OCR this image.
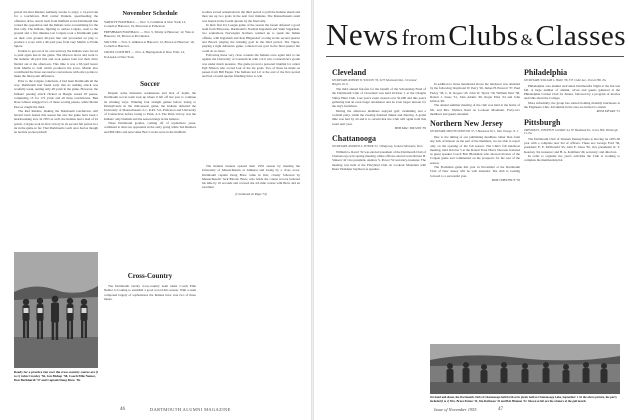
period the Red Raiders suddenly awoke to enjoy a 14-yard run for a touchdown. Ball carrier Daniels, spearheading the offensive drive, struck back from midfield as the Dartmouth line rocked the opposition and the Indians were economizing for the first tally. The Indians, figuring to outlast Colgate, went to the ground and a five minutes lost Colgate took a Dartmouth punt on their own ground 40-yard line and proceeded on play to produce a score with a 40-yard pass from Guy Martin to Frank Spiers.

Unable to get out of its own territory the Indians were forced to punt again late in the game. The Maroon drove and went to the Indians' 40-yard line and took passes later but their drive fizzled out at the afternoon. This time it was a 63-yard heave from Martin to Gall which produced the score. Martin also contributed the three successive conversions with extra points to make the final point difference.

Prior to the Colgate comeback, it had been Dartmouth all the way. Dartmouth had found early that its rushing attack was woefully weak, netting only 48 yards in the game. However, the Indians' passing attack clicked as Beagle tossed 18 passes, completing 15 for 172 yards and all three touchdowns. Bud Rose Gibson snagged two of these scoring passes, while Monte Pascoe caught the third.

The Red Raiders, making the Dartmouth touchdown, still haven't been beaten this season but saw the game have been a heartbreaking loss. In 1955 as well, the Indians had a lead of 22 points. Colgate took its first victory in its second fall period in a tie in the game so far. That Dartmouth coach once had as though he had his pocket picked!

November Schedule

VARSITY FOOTBALL — Nov. 5, Columbia at New York; 12, Cornell at Hanover; 19, Princeton at Princeton.

FRESHMAN FOOTBALL — Nov. 5, Trinity at Hanover; 12, Yale at Hanover; 19, Brown at Providence.

SOCCER — Nov. 5, Amherst at Hanover; 12, Brown at Hanover; 19, Cornell at Hanover.

CROSS COUNTRY — Nov. 4, Heptagonals at New York; 14, ICAAAA at New York.

Soccer

Despite some defensive weaknesses and lack of depth, the Dartmouth soccer team took up where it left off last year to continue its winning ways. Winning four straight games before losing to Pennsylvania in the mid-season game, the Indians defeated the University of Massachusetts 2-1, R.P.I. 3-0, Princeton and University of Connecticut before losing to Penn, 4-3. The Penn victory was the Indians' only blemish and the season hangs in the balance.

Three Dartmouth goalies, coming off of sophomore years, combined to shut out opponents in the early going while Ted Riemers and Bill Ohio and newcomer Bob Cowles were in the midfield.

Goalies scored sensational in the third period to pull the Indians ahead and then ran up two goals in the next four minutes. The Massachusetts team was beaten in the fourth quarter by the final tally.

In their first Ivy League game of the season the Green defeated a good team from Princeton. Dartmouth's Norman Ingraham and Stunt Sugarman, two sophomore Norwegian brothers, teamed up to spark the Indian offense, with Ingraham and Pete Hilgendorf scoring in the second quarter and Brown playing the winning goal in the third period. The Tigers, playing a tight defensive game, collected one goal in the final quarter but could do no more.

Following these very close contests the Indians once again laid to run against the University of Connecticut with a 6-0 win. Connecticut's goalie was under much pressure. The game proved a personal triumph for center Egil Nilsson who scored four of the six goals. Two of those he made on passes from Bill Eagan. The Indians led 1-0 at the end of the first period and had a fourth quarter finishing drive to win.

Cross-Country

The Dartmouth varsity cross-country team under Coach Ellie Nemec is looking to establish a good record this season. With a team composed largely of sophomores the Indians have won two of three meets.

The Indians runners opened their 1955 season by meeting the University of Massachusetts at Amherst and losing by a close score. Dartmouth captain Doug Brew came in first, closely followed by Massachusetts' Jack Bloom. Brew, who holds the course record, bettered his time by 10 seconds and covered the 4.6 mile course with Brew and an excellent

(Continued on Page 74)

Ready for a practice run over the cross-country course are (l to r) John Crowley '56, Jon Bishop '58, Coach Ellie Nemec, Don Burkhardt '57 and Captain Doug Brew '56.
46	DARTMOUTH ALUMNI MAGAZINE
News fromClubs &Classes
Cleveland
SECRETARY, ROBERT W. WILSON '39, 3273 Monmouth Rd., Cleveland Heights 18, O.

The third annual fun-fest for the benefit of the Scholarship Fund of the Dartmouth Club of Cleveland was held October 1 at the Chagrin Valley Hunt Club. Last year's event cleared over $1,000 and this year's gathering had an even larger attendance and an even larger turnout for the day's festivities.

During the afternoon members enjoyed golf, swimming and a cocktail party, while the evening featured dinner and dancing. A grand time was had by all and it is certain that the Club will again hold this event next year.

BOB MAC WILSON '39

Chattanooga
SECRETARY, ANDREW S. POWER '52, 3 Ridgeway, Lookout Mountain, Tenn.

William G. Ravel '32 was elected president of the Dartmouth Club of Chattanooga at its spring meeting. Other officers elected were Robert B. Stinson '42 vice president, Andrew S. Power '52 secretary-treasurer. The meeting was held at the Fairyland Club on Lookout Mountain with Dean Thaddeus Seymour as speaker.

In addition to those mentioned above the luncheon was attended by the following: Raymond W. Perry '26, James H. Prescott '37, Paul Farley '36, C. R. Rogers '43, John W. Taylor '29, William Warr '38, Robert J. Jones '31, John Adams '46, Roger Eliot '24 and John Gibson '49.

The annual summer meeting of the club was held at the home of Mr. and Mrs. Wallace Reid on Lookout Mountain. Forty-two members and guests attended.

Northern New Jersey
SECRETARY, MELVIN SPENCER '37, 5 Beaumont Terr., West Orange, N. J.

Due to the timing of our publishing deadlines rather than from any lack of interest on the part of the members, we are able to report only on the opening of the fall season. The Club's fall luncheon meeting, held October 5 at the Robert Treat Hotel, Newark, featured as guest speaker Coach Bob Blackman who showed movies of the Colgate game and commented on the prospects for the rest of the season.

The Freshman game this year in November at the Dartmouth Club of New Jersey will be well attended. The club is looking forward to a successful year.

BOB CHESTNUT '50

Philadelphia
SECRETARY, WILLIAM L. HALE '38, 333 Cedar Ave., Drexel Hill, Pa.

Philadelphia area alumni welcomed Dartmouth's Night at the Inn last fall. A large number of alumni, wives and guests gathered at the Philadelphia Cricket Club for dinner, followed by a program of movies and talks about the College.

More informally, the group has started holding monthly luncheons at the Engineers Club. All alumni in the area are invited to attend.

ROSS DEVAN '51

Pittsburgh
PRESIDENT, JOSEPH H. GOMAN '44, 87 Woodland Dr., Grove Hill, Pittsburgh 15, Pa.

The Dartmouth Club of Western Pennsylvania is moving its 1955-56 year with a complete new list of officers. These are: George Ford '36, president; E. E. McDonald '45, John E. Jones '30, vice presidents; R. T. Kearney '44, treasurer; and H. A. Kohlman '49, secretary; and directors.

In order to organize the year's activities the Club is working to complete the membership list.

On hand and about, the Dartmouth Club of Chattanooga held forth at its picnic held at Chattanooga Lake, September 1. In the above picture, the party included (l to r) Mrs. Bruce Patton '35, Jim Robinson '42 and Bob Hinman '52. Shown at left are the winners of the golf match.
Issue of November 1955	47
